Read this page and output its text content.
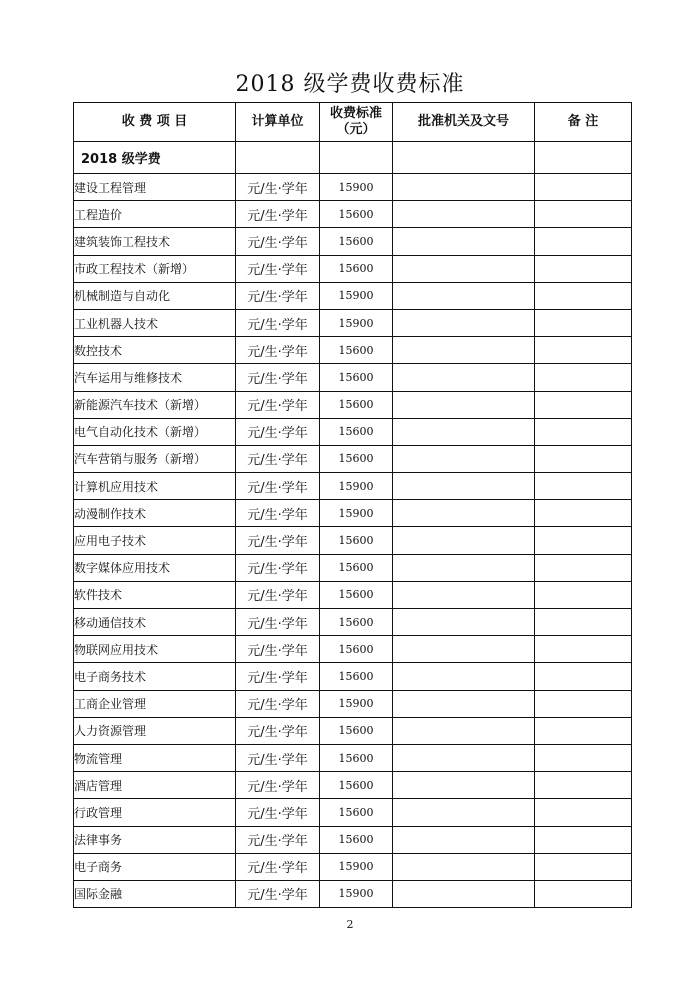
2018 级学费收费标准
收 费 项 目	计算单位	收费标准（元）	批准机关及文号	备 注
2018 级学费				
建设工程管理	元/生·学年	15900		
工程造价	元/生·学年	15600		
建筑装饰工程技术	元/生·学年	15600		
市政工程技术（新增）	元/生·学年	15600		
机械制造与自动化	元/生·学年	15900		
工业机器人技术	元/生·学年	15900		
数控技术	元/生·学年	15600		
汽车运用与维修技术	元/生·学年	15600		
新能源汽车技术（新增）	元/生·学年	15600		
电气自动化技术（新增）	元/生·学年	15600		
汽车营销与服务（新增）	元/生·学年	15600		
计算机应用技术	元/生·学年	15900		
动漫制作技术	元/生·学年	15900		
应用电子技术	元/生·学年	15600		
数字媒体应用技术	元/生·学年	15600		
软件技术	元/生·学年	15600		
移动通信技术	元/生·学年	15600		
物联网应用技术	元/生·学年	15600		
电子商务技术	元/生·学年	15600		
工商企业管理	元/生·学年	15900		
人力资源管理	元/生·学年	15600		
物流管理	元/生·学年	15600		
酒店管理	元/生·学年	15600		
行政管理	元/生·学年	15600		
法律事务	元/生·学年	15600		
电子商务	元/生·学年	15900		
国际金融	元/生·学年	15900		
2
